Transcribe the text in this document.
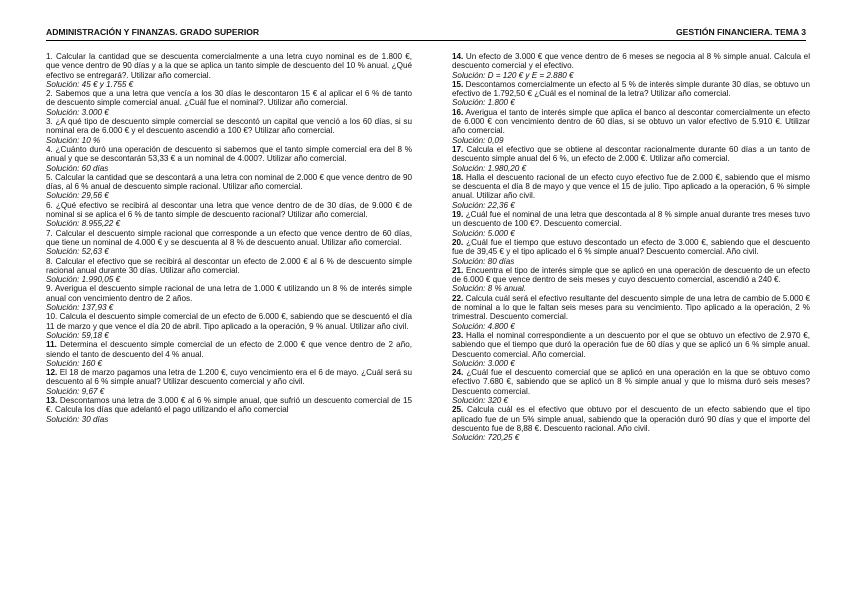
ADMINISTRACIÓN Y FINANZAS. GRADO SUPERIOR	GESTIÓN FINANCIERA. TEMA 3

1. Calcular la cantidad que se descuenta comercialmente a una letra cuyo nominal es de 1.800 €, que vence dentro de 90 días y a la que se aplica un tanto simple de descuento del 10 % anual. ¿Qué efectivo se entregará?. Utilizar año comercial.

Solución: 45 € y 1.755 €

2. Sabemos que a una letra que vencía a los 30 días le descontaron 15 € al aplicar el 6 % de tanto de descuento simple comercial anual. ¿Cuál fue el nominal?. Utilizar año comercial.

Solución: 3.000 €

3. ¿A qué tipo de descuento simple comercial se descontó un capital que venció a los 60 días, si su nominal era de 6.000 € y el descuento ascendió a 100 €? Utilizar año comercial.

Solución: 10 %

4. ¿Cuánto duró una operación de descuento si sabemos que el tanto simple comercial era del 8 % anual y que se descontarán 53,33 € a un nominal de 4.000?. Utilizar año comercial.

Solución: 60 días

5. Calcular la cantidad que se descontará a una letra con nominal de 2.000 € que vence dentro de 90 días, al 6 % anual de descuento simple racional. Utilizar año comercial.

Solución: 29,56 €

6. ¿Qué efectivo se recibirá al descontar una letra que vence dentro de de 30 días, de 9.000 € de nominal si se aplica el 6 % de tanto simple de descuento racional? Utilizar año comercial.

Solución: 8.955,22 €

7. Calcular el descuento simple racional que corresponde a un efecto que vence dentro de 60 días, que tiene un nominal de 4.000 € y se descuenta al 8 % de descuento anual. Utilizar año comercial.

Solución: 52,63 €

8. Calcular el efectivo que se recibirá al descontar un efecto de 2.000 € al 6 % de descuento simple racional anual durante 30 días. Utilizar año comercial.

Solución: 1.990,05 €

9. Averigua el descuento simple racional de una letra de 1.000 € utilizando un 8 % de interés simple anual con vencimiento dentro de 2 años.

Solución: 137,93 €

10. Calcula el descuento simple comercial de un efecto de 6.000 €, sabiendo que se descuentó el día 11 de marzo y que vence el día 20 de abril. Tipo aplicado a la operación, 9 % anual. Utilizar año civil.

Solución: 59,18 €

11. Determina el descuento simple comercial de un efecto de 2.000 € que vence dentro de 2 año, siendo el tanto de descuento del 4 % anual.

Solución: 160 €

12. El 18 de marzo pagamos una letra de 1.200 €, cuyo vencimiento era el 6 de mayo. ¿Cuál será su descuento al 6 % simple anual? Utilizar descuento comercial y año civil.

Solución: 9,67 €

13. Descontamos una letra de 3.000 € al 6 % simple anual, que sufrió un descuento comercial de 15 €. Calcula los días que adelantó el pago utilizando el año comercial

Solución: 30 días

14. Un efecto de 3.000 € que vence dentro de 6 meses se negocia al 8 % simple anual. Calcula el descuento comercial y el efectivo.

Solución: D = 120 € y E = 2.880 €

15. Descontamos comercialmente un efecto al 5 % de interés simple durante 30 días, se obtuvo un efectivo de 1.792,50 € ¿Cuál es el nominal de la letra? Utilizar año comercial.

Solución: 1.800 €

16. Averigua el tanto de interés simple que aplica el banco al descontar comercialmente un efecto de 6.000 € con vencimiento dentro de 60 días, si se obtuvo un valor efectivo de 5.910 €. Utilizar año comercial.

Solución: 0,09

17. Calcula el efectivo que se obtiene al descontar racionalmente durante 60 días a un tanto de descuento simple anual del 6 %, un efecto de 2.000 €. Utilizar año comercial.

Solución: 1.980,20 €

18. Halla el descuento racional de un efecto cuyo efectivo fue de 2.000 €, sabiendo que el mismo se descuenta el día 8 de mayo y que vence el 15 de julio. Tipo aplicado a la operación, 6 % simple anual. Utilizar año civil.

Solución: 22,36 €

19. ¿Cuál fue el nominal de una letra que descontada al 8 % simple anual durante tres meses tuvo un descuento de 100 €?. Descuento comercial.

Solución: 5.000 €

20. ¿Cuál fue el tiempo que estuvo descontado un efecto de 3.000 €, sabiendo que el descuento fue de 39,45 € y el tipo aplicado el 6 % simple anual? Descuento comercial. Año civil.

Solución: 80 días

21. Encuentra el tipo de interés simple que se aplicó en una operación de descuento de un efecto de 6.000 € que vence dentro de seis meses y cuyo descuento comercial, ascendió a 240 €.

Solución: 8 % anual.

22. Calcula cuál será el efectivo resultante del descuento simple de una letra de cambio de 5.000 € de nominal a lo que le faltan seis meses para su vencimiento. Tipo aplicado a la operación, 2 % trimestral. Descuento comercial.

Solución: 4.800 €

23. Halla el nominal correspondiente a un descuento por el que se obtuvo un efectivo de 2.970 €, sabiendo que el tiempo que duró la operación fue de 60 días y que se aplicó un 6 % simple anual. Descuento comercial. Año comercial.

Solución: 3.000 €

24. ¿Cuál fue el descuento comercial que se aplicó en una operación en la que se obtuvo como efectivo 7.680 €, sabiendo que se aplicó un 8 % simple anual y que lo misma duró seis meses? Descuento comercial.

Solución: 320 €

25. Calcula cuál es el efectivo que obtuvo por el descuento de un efecto sabiendo que el tipo aplicado fue de un 5% simple anual, sabiendo que la operación duró 90 días y que el importe del descuento fue de 8,88 €. Descuento racional. Año civil.

Solución: 720,25 €
